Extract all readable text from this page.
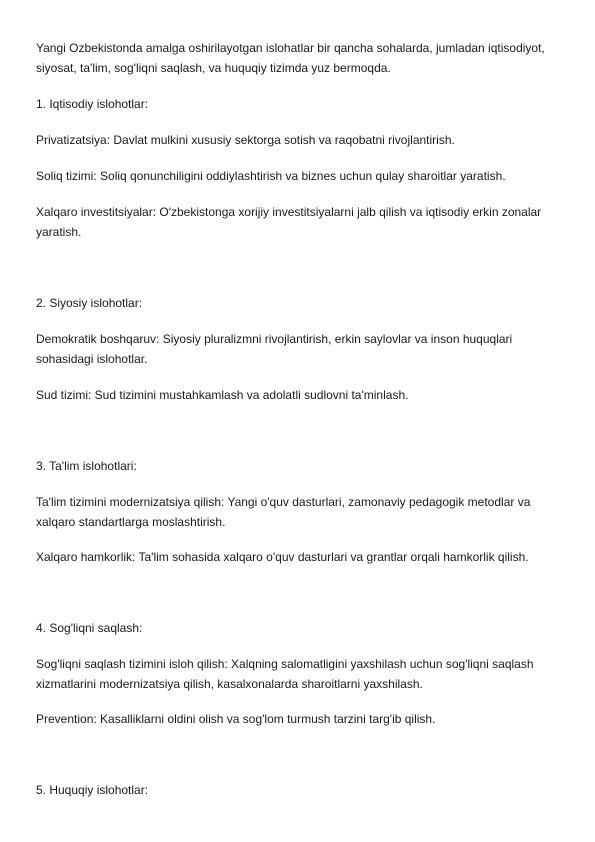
Yangi Ozbekistonda amalga oshirilayotgan islohatlar bir qancha sohalarda, jumladan iqtisodiyot, siyosat, ta'lim, sog'liqni saqlash, va huquqiy tizimda yuz bermoqda.

1. Iqtisodiy islohotlar:

Privatizatsiya: Davlat mulkini xususiy sektorga sotish va raqobatni rivojlantirish.

Soliq tizimi: Soliq qonunchiligini oddiylashtirish va biznes uchun qulay sharoitlar yaratish.

Xalqaro investitsiyalar: O'zbekistonga xorijiy investitsiyalarni jalb qilish va iqtisodiy erkin zonalar yaratish.

2. Siyosiy islohotlar:

Demokratik boshqaruv: Siyosiy pluralizmni rivojlantirish, erkin saylovlar va inson huquqlari sohasidagi islohotlar.

Sud tizimi: Sud tizimini mustahkamlash va adolatli sudlovni ta'minlash.

3. Ta'lim islohotlari:

Ta'lim tizimini modernizatsiya qilish: Yangi o'quv dasturlari, zamonaviy pedagogik metodlar va xalqaro standartlarga moslashtirish.

Xalqaro hamkorlik: Ta'lim sohasida xalqaro o'quv dasturlari va grantlar orqali hamkorlik qilish.

4. Sog'liqni saqlash:

Sog'liqni saqlash tizimini isloh qilish: Xalqning salomatligini yaxshilash uchun sog'liqni saqlash xizmatlarini modernizatsiya qilish, kasalxonalarda sharoitlarni yaxshilash.

Prevention: Kasalliklarni oldini olish va sog'lom turmush tarzini targ'ib qilish.

5. Huquqiy islohotlar:
